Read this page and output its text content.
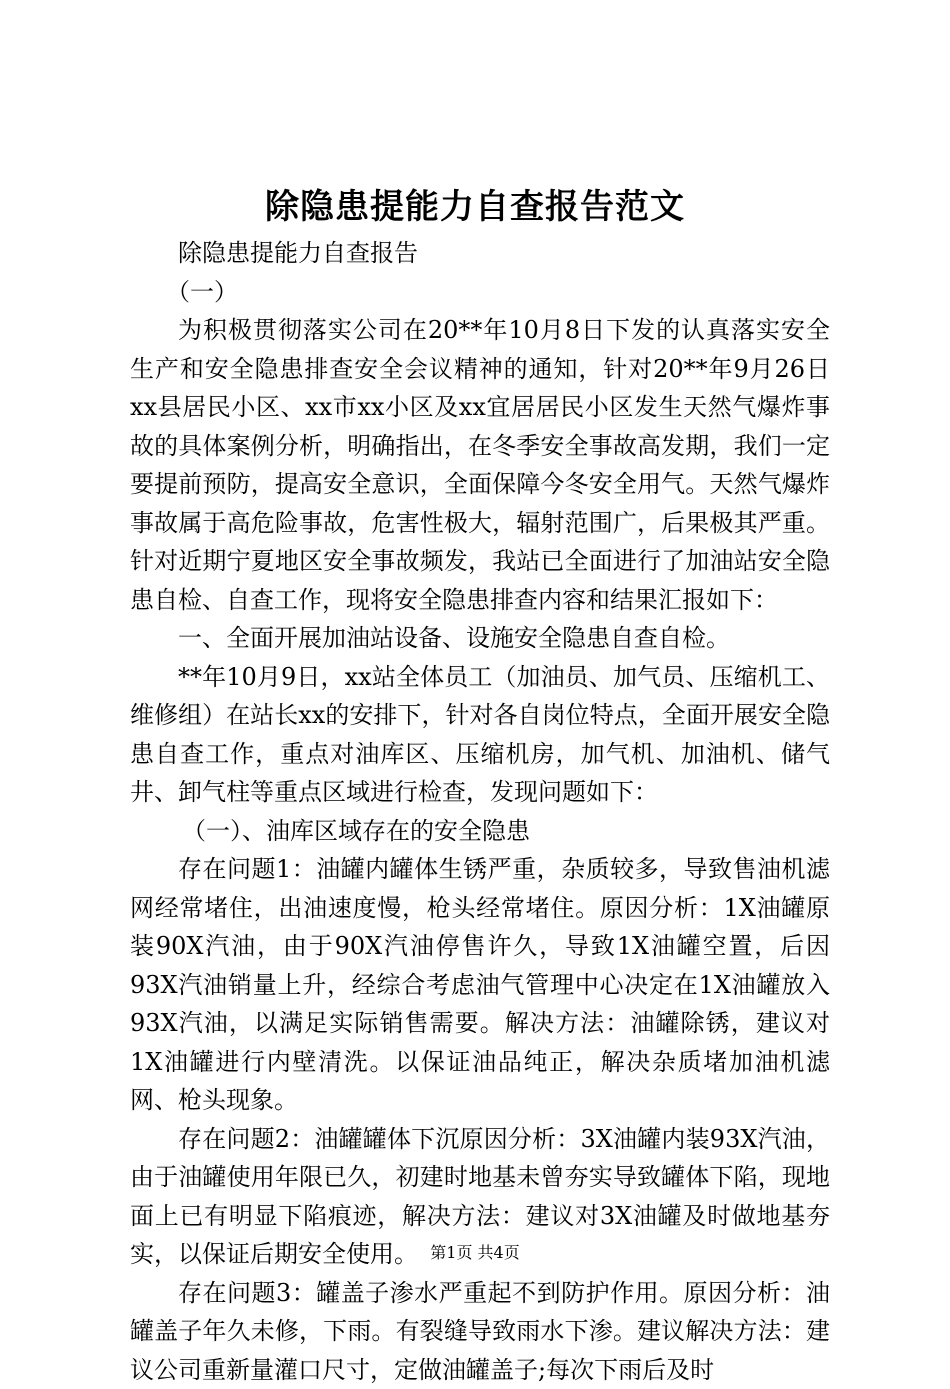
除隐患提能力自查报告范文

除隐患提能力自查报告

（一）

为积极贯彻落实公司在20**年10月8日下发的认真落实安全生产和安全隐患排查安全会议精神的通知，针对20**年9月26日xx县居民小区、xx市xx小区及xx宜居居民小区发生天然气爆炸事故的具体案例分析，明确指出，在冬季安全事故高发期，我们一定要提前预防，提高安全意识，全面保障今冬安全用气。天然气爆炸事故属于高危险事故，危害性极大，辐射范围广，后果极其严重。针对近期宁夏地区安全事故频发，我站已全面进行了加油站安全隐患自检、自查工作，现将安全隐患排查内容和结果汇报如下：

一、全面开展加油站设备、设施安全隐患自查自检。

**年10月9日，xx站全体员工（加油员、加气员、压缩机工、维修组）在站长xx的安排下，针对各自岗位特点，全面开展安全隐患自查工作，重点对油库区、压缩机房，加气机、加油机、储气井、卸气柱等重点区域进行检查，发现问题如下：

（一）、油库区域存在的安全隐患

存在问题1：油罐内罐体生锈严重，杂质较多，导致售油机滤网经常堵住，出油速度慢，枪头经常堵住。原因分析：1X油罐原装90X汽油，由于90X汽油停售许久，导致1X油罐空置，后因93X汽油销量上升，经综合考虑油气管理中心决定在1X油罐放入93X汽油，以满足实际销售需要。解决方法：油罐除锈，建议对1X油罐进行内壁清洗。以保证油品纯正，解决杂质堵加油机滤网、枪头现象。

存在问题2：油罐罐体下沉原因分析：3X油罐内装93X汽油，由于油罐使用年限已久，初建时地基未曾夯实导致罐体下陷，现地面上已有明显下陷痕迹，解决方法：建议对3X油罐及时做地基夯实，以保证后期安全使用。

存在问题3：罐盖子渗水严重起不到防护作用。原因分析：油罐盖子年久未修，下雨。有裂缝导致雨水下渗。建议解决方法：建议公司重新量灌口尺寸，定做油罐盖子;每次下雨后及时

第1页 共4页
